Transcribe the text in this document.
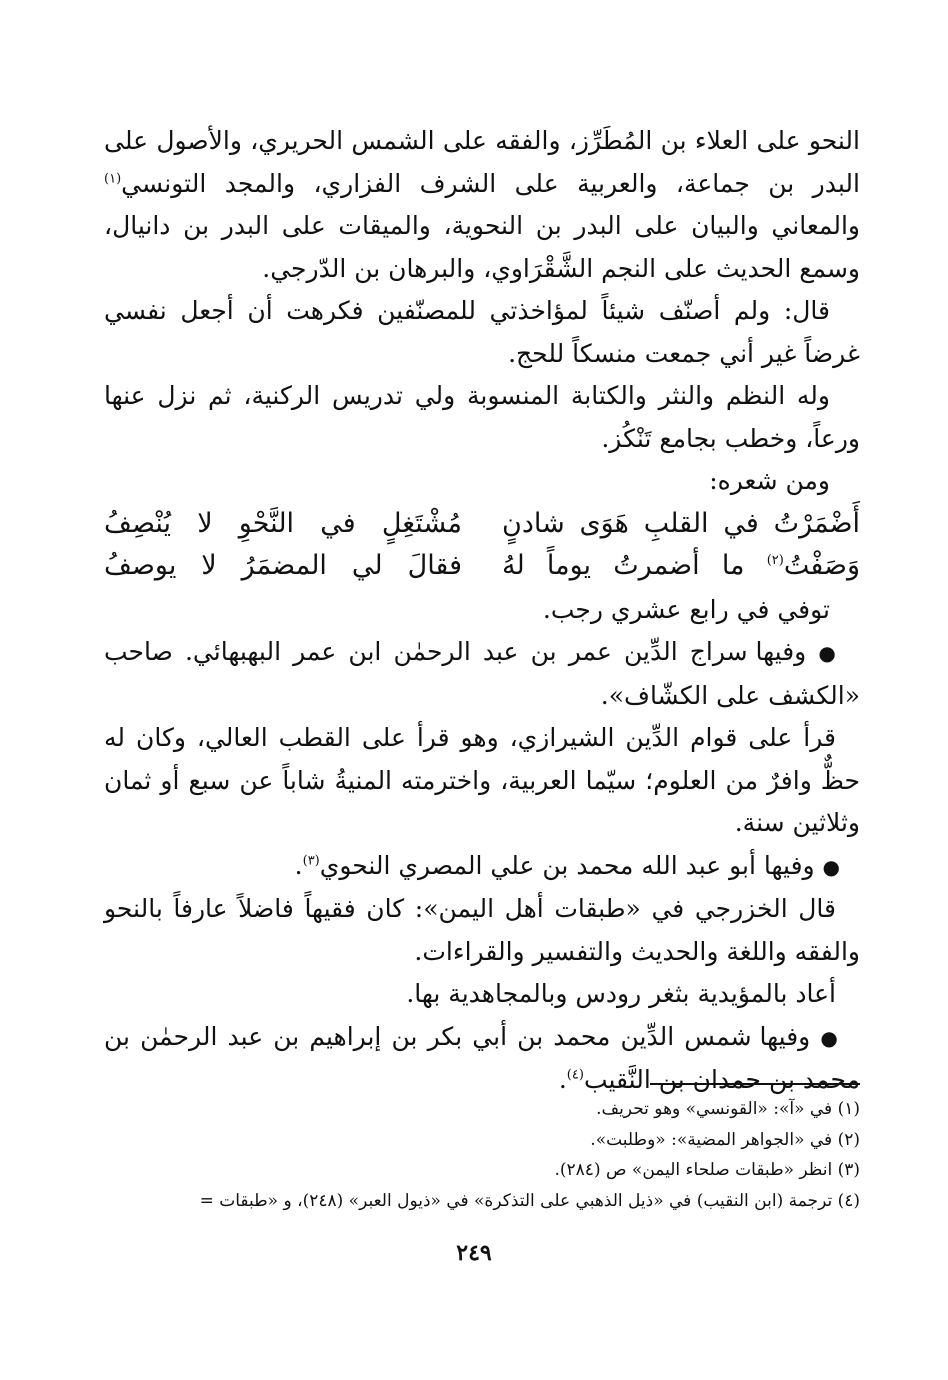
النحو على العلاء بن المُطَرِّز، والفقه على الشمس الحريري، والأصول على البدر بن جماعة، والعربية على الشرف الفزاري، والمجد التونسي$^{(١)}$ والمعاني والبيان على البدر بن النحوية، والميقات على البدر بن دانيال، وسمع الحديث على النجم الشَّقْرَاوي، والبرهان بن الدّرجي.

قال: ولم أصنّف شيئاً لمؤاخذتي للمصنّفين فكرهت أن أجعل نفسي غرضاً غير أني جمعت منسكاً للحج.

وله النظم والنثر والكتابة المنسوبة ولي تدريس الركنية، ثم نزل عنها ورعاً، وخطب بجامع تَنْكُز.

ومن شعره:

أَضْمَرْتُ في القلبِ هَوَى شادنٍ
مُشْتَغِلٍ في النَّحْوِ لا يُنْصِفُ
وَصَفْتُ$^{(٢)}$ ما أضمرتُ يوماً لهُ
فقالَ لي المضمَرُ لا يوصفُ

توفي في رابع عشري رجب.

● وفيها سراج الدِّين عمر بن عبد الرحمٰن ابن عمر البهبهائي. صاحب «الكشف على الكشّاف».

قرأ على قوام الدِّين الشيرازي، وهو قرأ على القطب العالي، وكان له حظٌّ وافرٌ من العلوم؛ سيّما العربية، واخترمته المنيةُ شاباً عن سبع أو ثمان وثلاثين سنة.

● وفيها أبو عبد الله محمد بن علي المصري النحوي$^{(٣)}$.

قال الخزرجي في «طبقات أهل اليمن»: كان فقيهاً فاضلاً عارفاً بالنحو والفقه واللغة والحديث والتفسير والقراءات.

أعاد بالمؤيدية بثغر رودس وبالمجاهدية بها.

● وفيها شمس الدِّين محمد بن أبي بكر بن إبراهيم بن عبد الرحمٰن بن محمد بن حمدان بن النَّقيب$^{(٤)}$.

(١) في «آ»: «القونسي» وهو تحريف.

(٢) في «الجواهر المضية»: «وطلبت».

(٣) انظر «طبقات صلحاء اليمن» ص (٢٨٤).

(٤) ترجمة (ابن النقيب) في «ذيل الذهبي على التذكرة» في «ذيول العبر» (٢٤٨)، و «طبقات =

٢٤٩
